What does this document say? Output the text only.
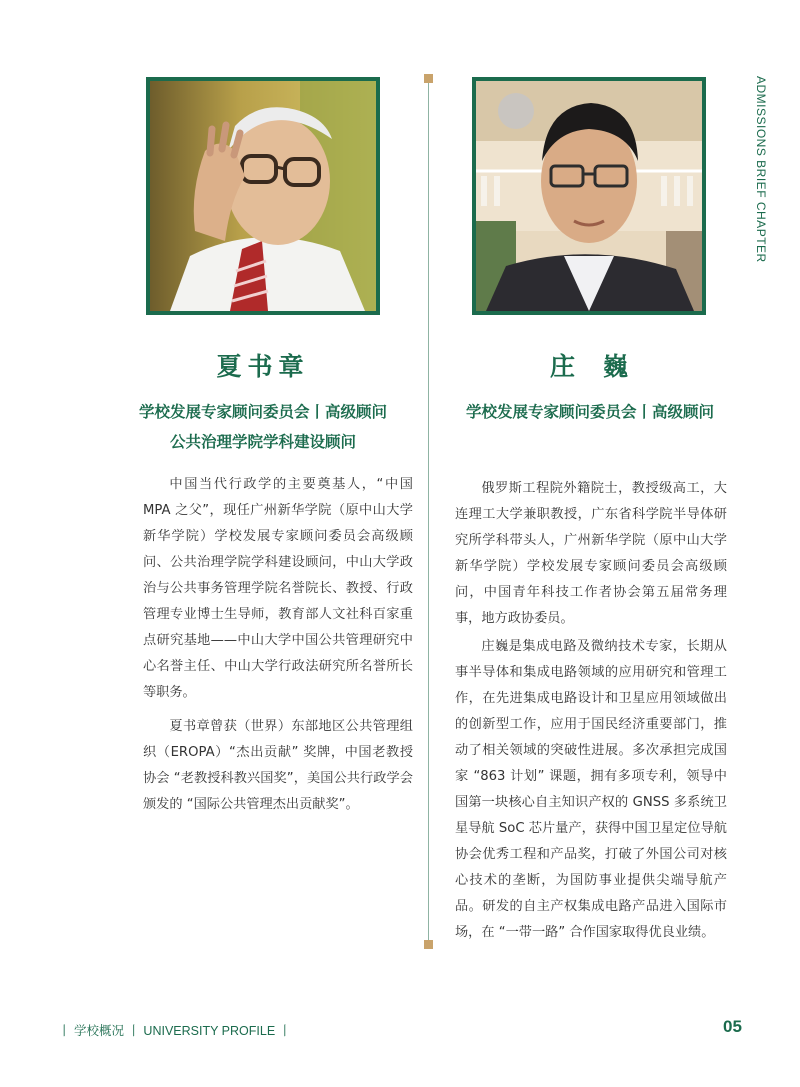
ADMISSIONS BRIEF CHAPTER
夏书章	庄巍
学校发展专家顾问委员会丨高级顾问
公共治理学院学科建设顾问
学校发展专家顾问委员会丨高级顾问

中国当代行政学的主要奠基人，“中国 MPA 之父”，现任广州新华学院（原中山大学新华学院）学校发展专家顾问委员会高级顾问、公共治理学院学科建设顾问，中山大学政治与公共事务管理学院名誉院长、教授、行政管理专业博士生导师，教育部人文社科百家重点研究基地——中山大学中国公共管理研究中心名誉主任、中山大学行政法研究所名誉所长等职务。

夏书章曾获（世界）东部地区公共管理组织（EROPA）“杰出贡献” 奖牌，中国老教授协会 “老教授科教兴国奖”，美国公共行政学会颁发的 “国际公共管理杰出贡献奖”。

俄罗斯工程院外籍院士，教授级高工，大连理工大学兼职教授，广东省科学院半导体研究所学科带头人，广州新华学院（原中山大学新华学院）学校发展专家顾问委员会高级顾问，中国青年科技工作者协会第五届常务理事，地方政协委员。

庄巍是集成电路及微纳技术专家，长期从事半导体和集成电路领域的应用研究和管理工作，在先进集成电路设计和卫星应用领域做出的创新型工作，应用于国民经济重要部门，推动了相关领域的突破性进展。多次承担完成国家 “863 计划” 课题，拥有多项专利，领导中国第一块核心自主知识产权的 GNSS 多系统卫星导航 SoC 芯片量产，获得中国卫星定位导航协会优秀工程和产品奖，打破了外国公司对核心技术的垄断，为国防事业提供尖端导航产品。研发的自主产权集成电路产品进入国际市场，在 “一带一路” 合作国家取得优良业绩。

丨 学校概况 丨 UNIVERSITY PROFILE 丨	05
